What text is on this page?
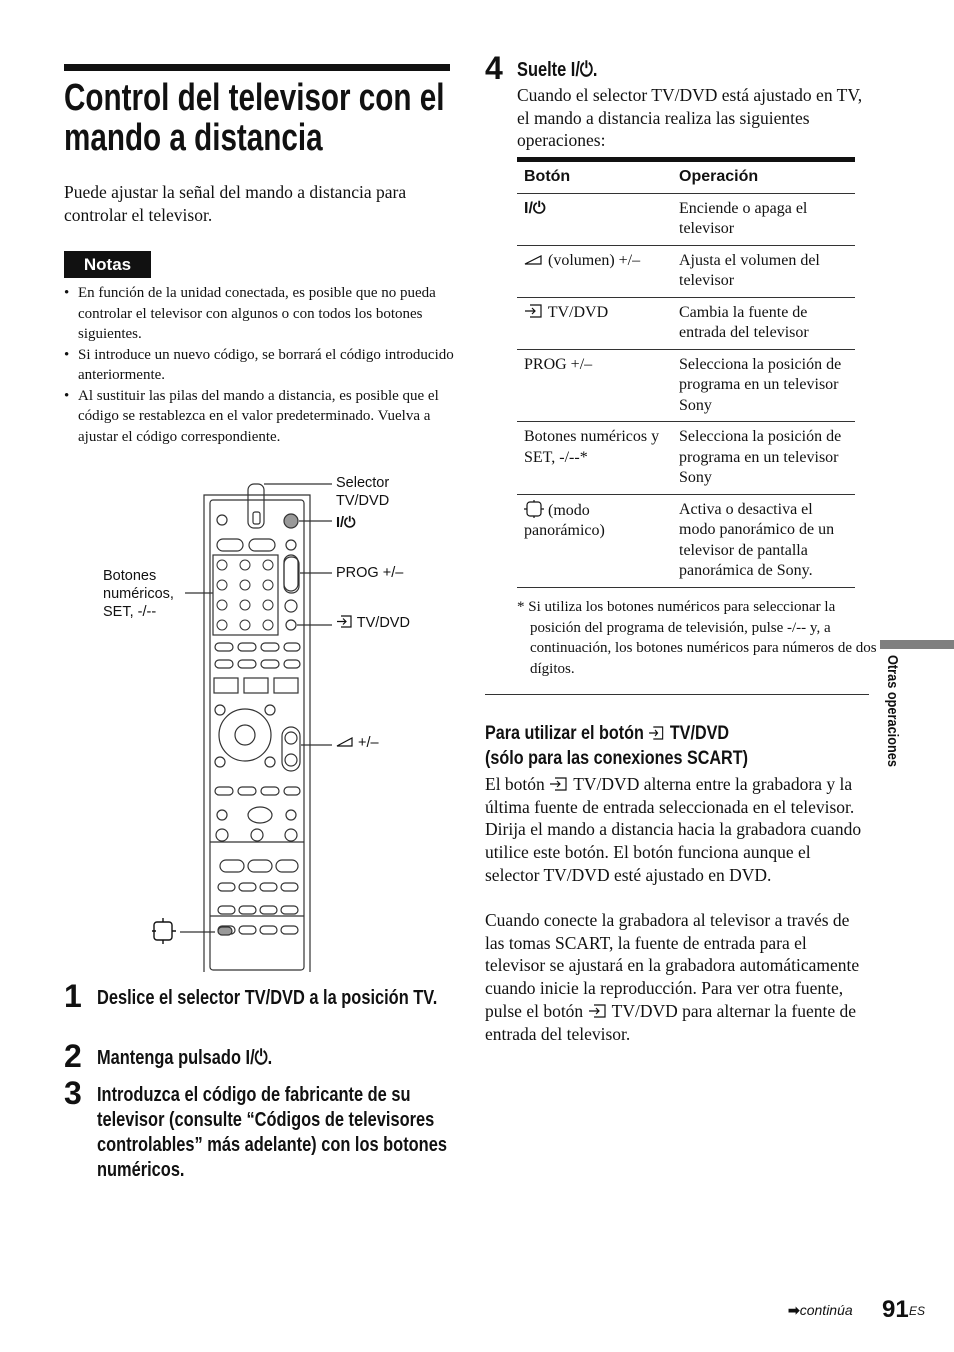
Control del televisor con el mando a distancia
Puede ajustar la señal del mando a distancia para controlar el televisor.
Notas
• En función de la unidad conectada, es posible que no pueda controlar el televisor con algunos o con todos los botones siguientes.
• Si introduce un nuevo código, se borrará el código introducido anteriormente.
• Al sustituir las pilas del mando a distancia, es posible que el código se restablezca en el valor predeterminado. Vuelva a ajustar el código correspondiente.
Selector
TV/DVD
I/⏻
PROG +/–
Botones
numéricos,
SET, -/--
TV/DVD
+/–
1 Deslice el selector TV/DVD a la posición TV.
2 Mantenga pulsado I/⏻.
3 Introduzca el código de fabricante de su televisor (consulte “Códigos de televisores controlables” más adelante) con los botones numéricos.
4 Suelte I/⏻.
Cuando el selector TV/DVD está ajustado en TV, el mando a distancia realiza las siguientes operaciones:
Botón	Operación
I/⏻	Enciende o apaga el televisor
(volumen) +/–	Ajusta el volumen del televisor
TV/DVD	Cambia la fuente de entrada del televisor
PROG +/–	Selecciona la posición de programa en un televisor Sony
Botones numéricos y SET, -/--*	Selecciona la posición de programa en un televisor Sony
(modo panorámico)	Activa o desactiva el modo panorámico de un televisor de pantalla panorámica de Sony.
* Si utiliza los botones numéricos para seleccionar la posición del programa de televisión, pulse -/-- y, a continuación, los botones numéricos para números de dos dígitos.
Para utilizar el botón TV/DVD
(sólo para las conexiones SCART)
El botón TV/DVD alterna entre la grabadora y la última fuente de entrada seleccionada en el televisor. Dirija el mando a distancia hacia la grabadora cuando utilice este botón. El botón funciona aunque el selector TV/DVD esté ajustado en DVD.
Cuando conecte la grabadora al televisor a través de las tomas SCART, la fuente de entrada para el televisor se ajustará en la grabadora automáticamente cuando inicie la reproducción. Para ver otra fuente, pulse el botón TV/DVD para alternar la fuente de entrada del televisor.
Otras operaciones
➡continúa 91 ES
